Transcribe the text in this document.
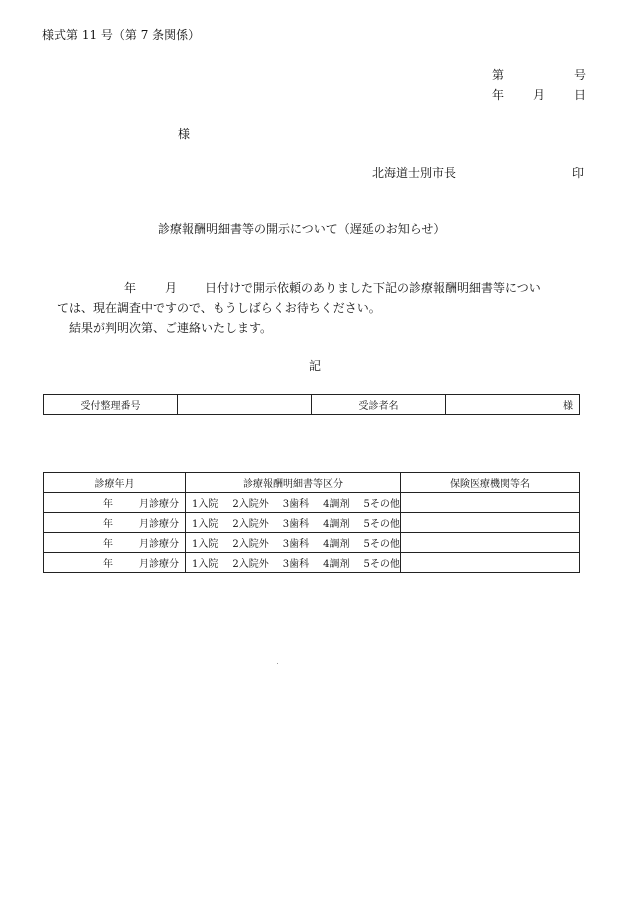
様式第 11 号（第 7 条関係）
第	号
年 月 日
様
北海道士別市長	印
診療報酬明細書等の開示について（遅延のお知らせ）
年 月 日付けで開示依頼のありました下記の診療報酬明細書等につい
ては、現在調査中ですので、もうしばらくお待ちください。
結果が判明次第、ご連絡いたします。
記
受付整理番号		受診者名	様
診療年月	診療報酬明細書等区分	保険医療機関等名
年 月診療分	1入院 2入院外 3歯科 4調剤 5その他	
年 月診療分	1入院 2入院外 3歯科 4調剤 5その他	
年 月診療分	1入院 2入院外 3歯科 4調剤 5その他	
年 月診療分	1入院 2入院外 3歯科 4調剤 5その他	
